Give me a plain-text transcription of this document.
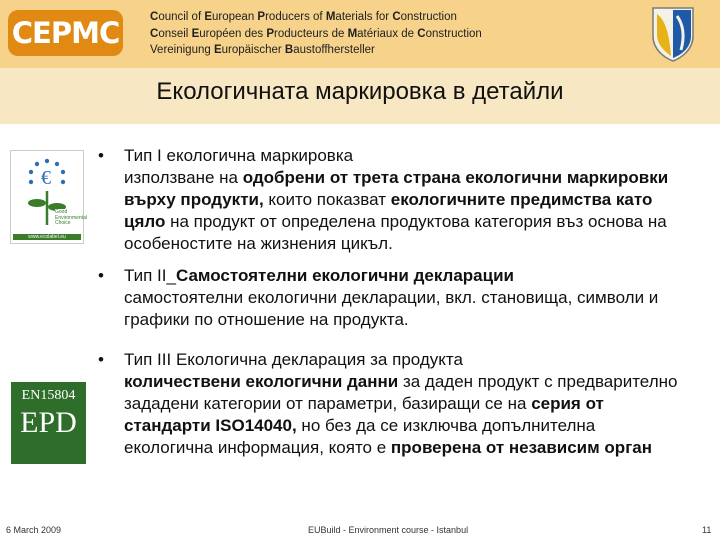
CEPMC	Council of European Producers of Materials for Construction
Conseil Européen des Producteurs de Matériaux de Construction
Vereinigung Europäischer Baustoffhersteller
Екологичната маркировка в детайли
€
Good Environmental Choice
www.ecolabel.eu
EN15804
EPD
•	Тип I екологична маркировка
използване на одобрени от трета страна екологични маркировки върху продукти, които показват екологичните предимства като цяло на продукт от определена продуктова категория въз основа на особеностите на жизнения цикъл.
•	Тип II_Самостоятелни екологични декларации
самостоятелни екологични декларации, вкл. становища, символи и графики по отношение на продукта.
•	Тип III Екологична декларация за продукта
количествени екологични данни за даден продукт с предварително зададени категории от параметри, базиращи се на серия от стандарти ISO14040, но без да се изключва допълнителна екологична информация, която е проверена от независим орган
6 March 2009	EUBuild - Environment course - Istanbul	11
